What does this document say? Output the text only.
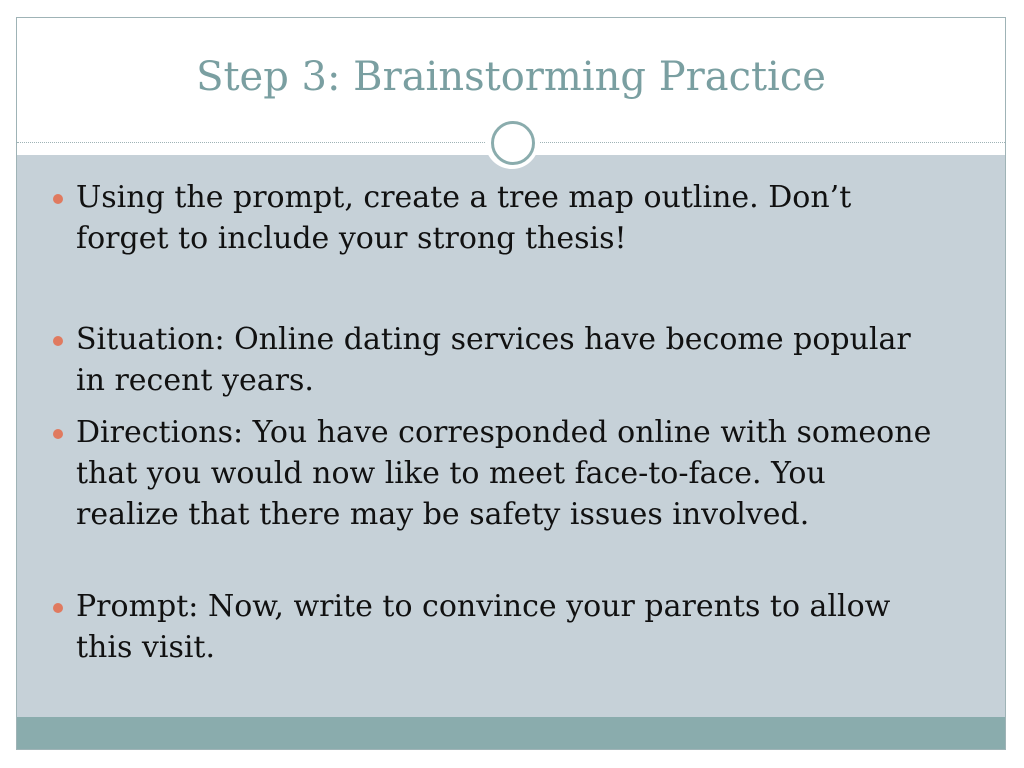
Step 3: Brainstorming Practice
Using the prompt, create a tree map outline. Don’t forget to include your strong thesis!
Situation: Online dating services have become popular in recent years.
Directions: You have corresponded online with someone that you would now like to meet face-to-face. You realize that there may be safety issues involved.
Prompt: Now, write to convince your parents to allow this visit.
